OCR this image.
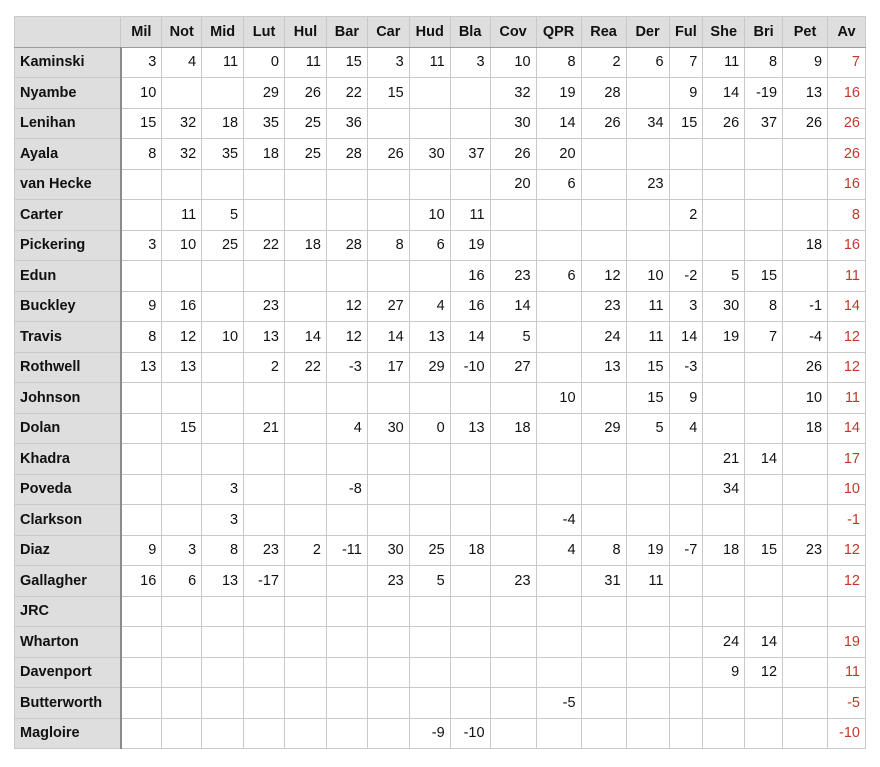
	Mil	Not	Mid	Lut	Hul	Bar	Car	Hud	Bla	Cov	QPR	Rea	Der	Ful	She	Bri	Pet	Av
Kaminski	3	4	11	0	11	15	3	11	3	10	8	2	6	7	11	8	9	7
Nyambe	10			29	26	22	15			32	19	28		9	14	-19	13	16
Lenihan	15	32	18	35	25	36				30	14	26	34	15	26	37	26	26
Ayala	8	32	35	18	25	28	26	30	37	26	20							26
van Hecke										20	6		23					16
Carter		11	5					10	11					2				8
Pickering	3	10	25	22	18	28	8	6	19								18	16
Edun									16	23	6	12	10	-2	5	15		11
Buckley	9	16		23		12	27	4	16	14		23	11	3	30	8	-1	14
Travis	8	12	10	13	14	12	14	13	14	5		24	11	14	19	7	-4	12
Rothwell	13	13		2	22	-3	17	29	-10	27		13	15	-3			26	12
Johnson											10		15	9			10	11
Dolan		15		21		4	30	0	13	18		29	5	4			18	14
Khadra															21	14		17
Poveda			3			-8									34			10
Clarkson			3								-4							-1
Diaz	9	3	8	23	2	-11	30	25	18		4	8	19	-7	18	15	23	12
Gallagher	16	6	13	-17			23	5		23		31	11					12
JRC																		
Wharton															24	14		19
Davenport															9	12		11
Butterworth											-5							-5
Magloire								-9	-10									-10
